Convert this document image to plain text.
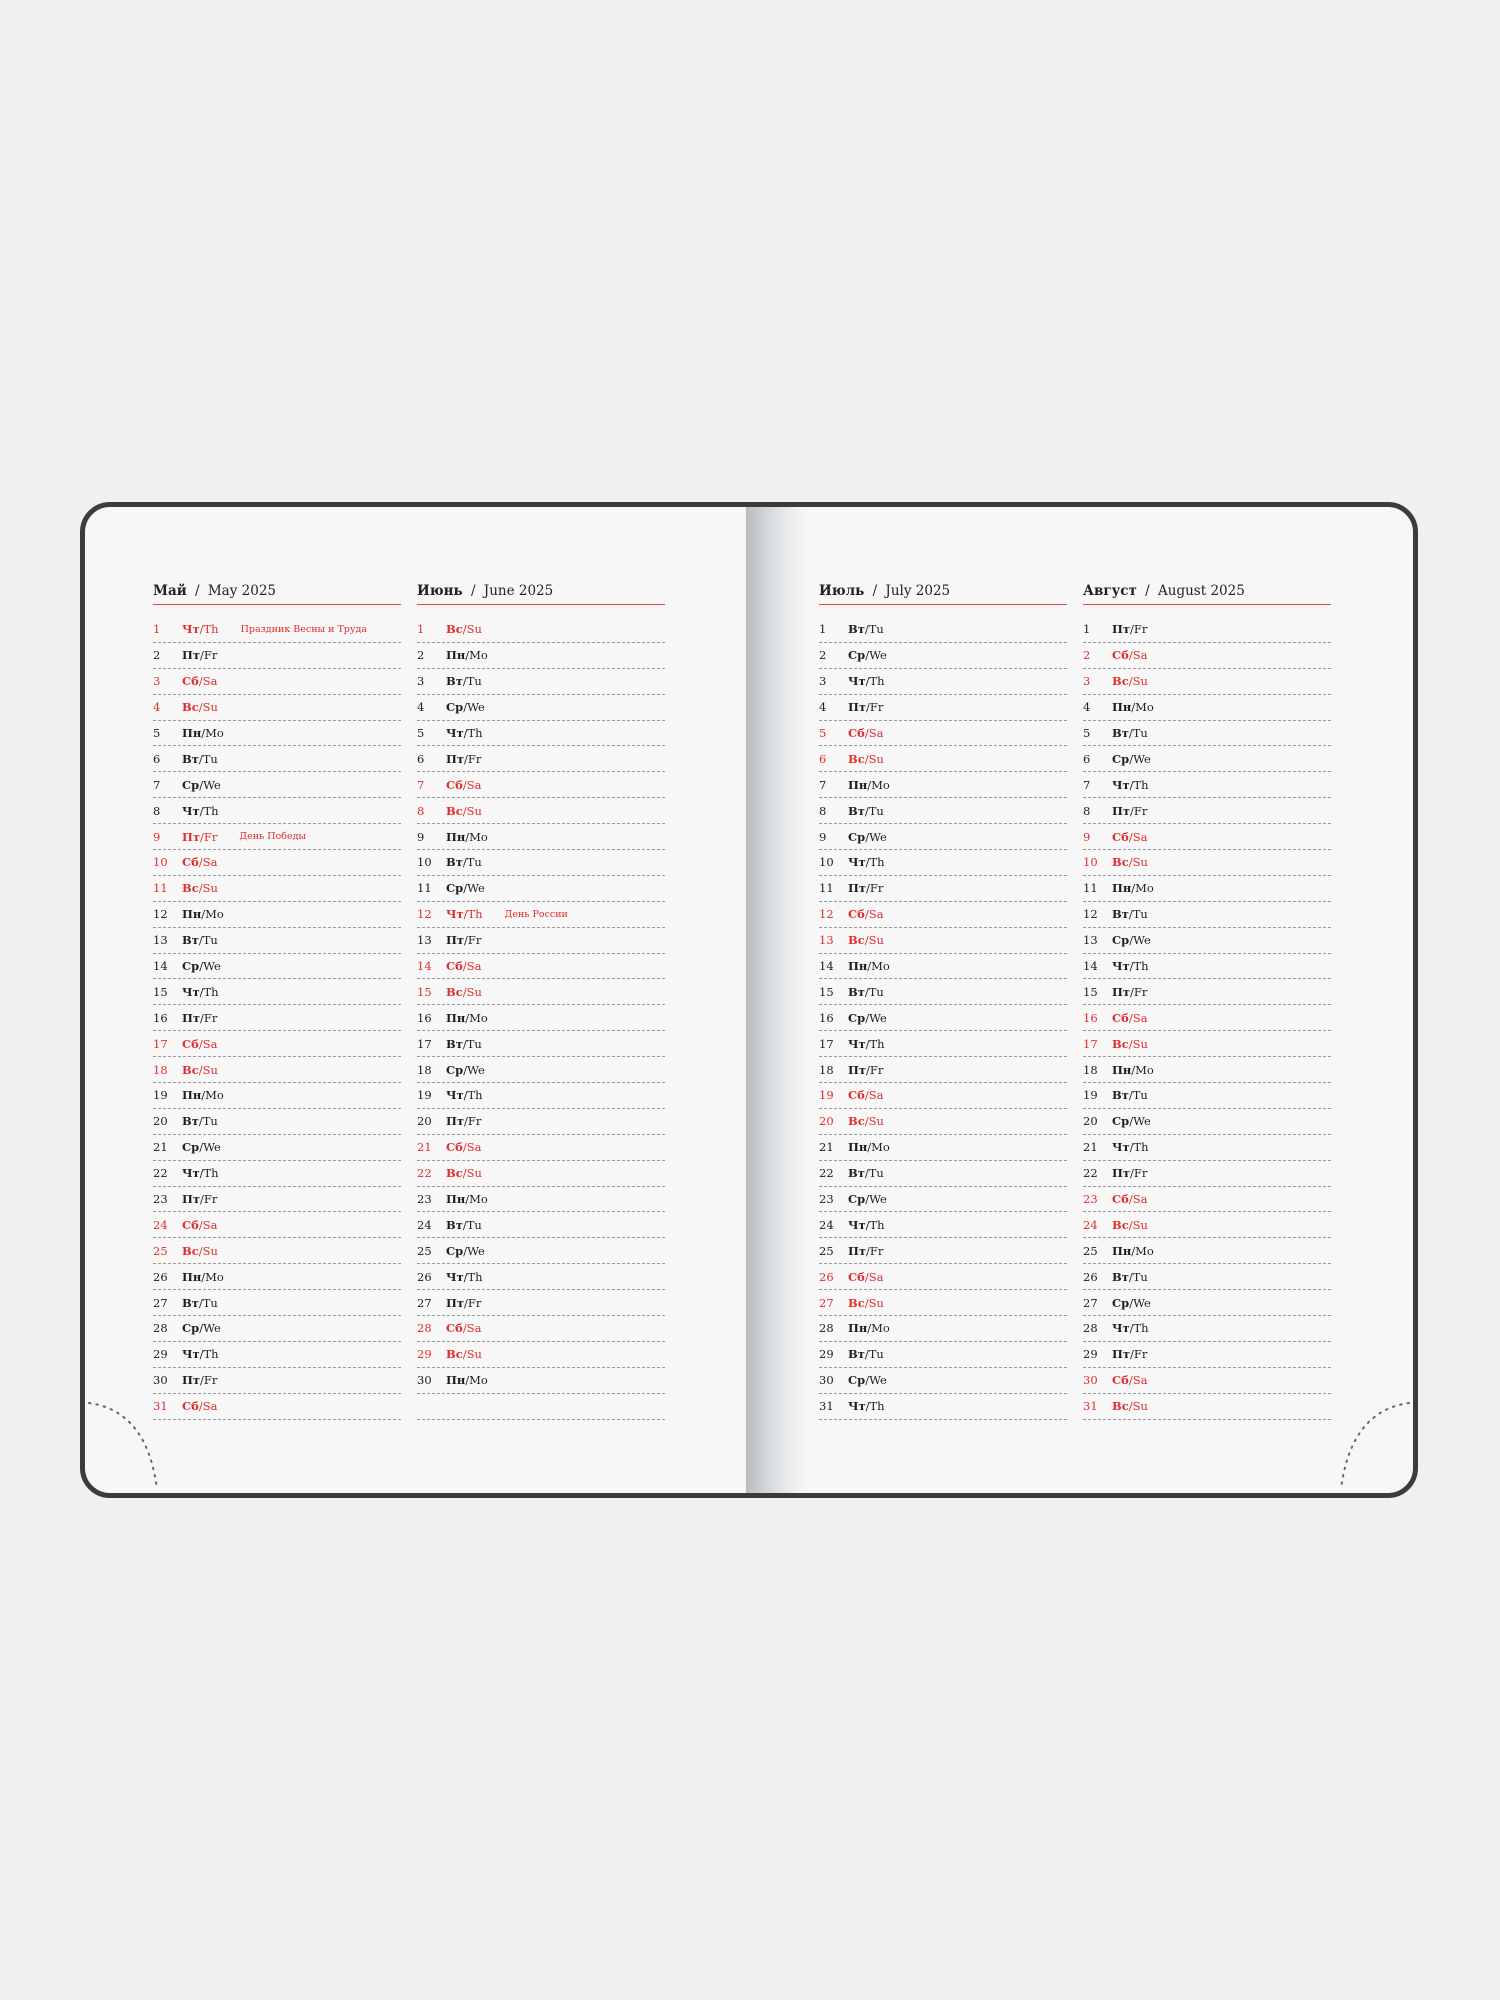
Май / May 2025
1	Чт /Th Праздник Весны и Труда
2	Пт /Fr
3	Сб /Sa
4	Вс /Su
5	Пн /Mo
6	Вт /Tu
7	Ср /We
8	Чт /Th
9	Пт /Fr День Победы
10	Сб /Sa
11	Вс /Su
12	Пн /Mo
13	Вт /Tu
14	Ср /We
15	Чт /Th
16	Пт /Fr
17	Сб /Sa
18	Вс /Su
19	Пн /Mo
20	Вт /Tu
21	Ср /We
22	Чт /Th
23	Пт /Fr
24	Сб /Sa
25	Вс /Su
26	Пн /Mo
27	Вт /Tu
28	Ср /We
29	Чт /Th
30	Пт /Fr
31	Сб /Sa
Июнь / June 2025
1	Вс /Su
2	Пн /Mo
3	Вт /Tu
4	Ср /We
5	Чт /Th
6	Пт /Fr
7	Сб /Sa
8	Вс /Su
9	Пн /Mo
10	Вт /Tu
11	Ср /We
12	Чт /Th День России
13	Пт /Fr
14	Сб /Sa
15	Вс /Su
16	Пн /Mo
17	Вт /Tu
18	Ср /We
19	Чт /Th
20	Пт /Fr
21	Сб /Sa
22	Вс /Su
23	Пн /Mo
24	Вт /Tu
25	Ср /We
26	Чт /Th
27	Пт /Fr
28	Сб /Sa
29	Вс /Su
30	Пн /Mo
Июль / July 2025
1	Вт /Tu
2	Ср /We
3	Чт /Th
4	Пт /Fr
5	Сб /Sa
6	Вс /Su
7	Пн /Mo
8	Вт /Tu
9	Ср /We
10	Чт /Th
11	Пт /Fr
12	Сб /Sa
13	Вс /Su
14	Пн /Mo
15	Вт /Tu
16	Ср /We
17	Чт /Th
18	Пт /Fr
19	Сб /Sa
20	Вс /Su
21	Пн /Mo
22	Вт /Tu
23	Ср /We
24	Чт /Th
25	Пт /Fr
26	Сб /Sa
27	Вс /Su
28	Пн /Mo
29	Вт /Tu
30	Ср /We
31	Чт /Th
Август / August 2025
1	Пт /Fr
2	Сб /Sa
3	Вс /Su
4	Пн /Mo
5	Вт /Tu
6	Ср /We
7	Чт /Th
8	Пт /Fr
9	Сб /Sa
10	Вс /Su
11	Пн /Mo
12	Вт /Tu
13	Ср /We
14	Чт /Th
15	Пт /Fr
16	Сб /Sa
17	Вс /Su
18	Пн /Mo
19	Вт /Tu
20	Ср /We
21	Чт /Th
22	Пт /Fr
23	Сб /Sa
24	Вс /Su
25	Пн /Mo
26	Вт /Tu
27	Ср /We
28	Чт /Th
29	Пт /Fr
30	Сб /Sa
31	Вс /Su
